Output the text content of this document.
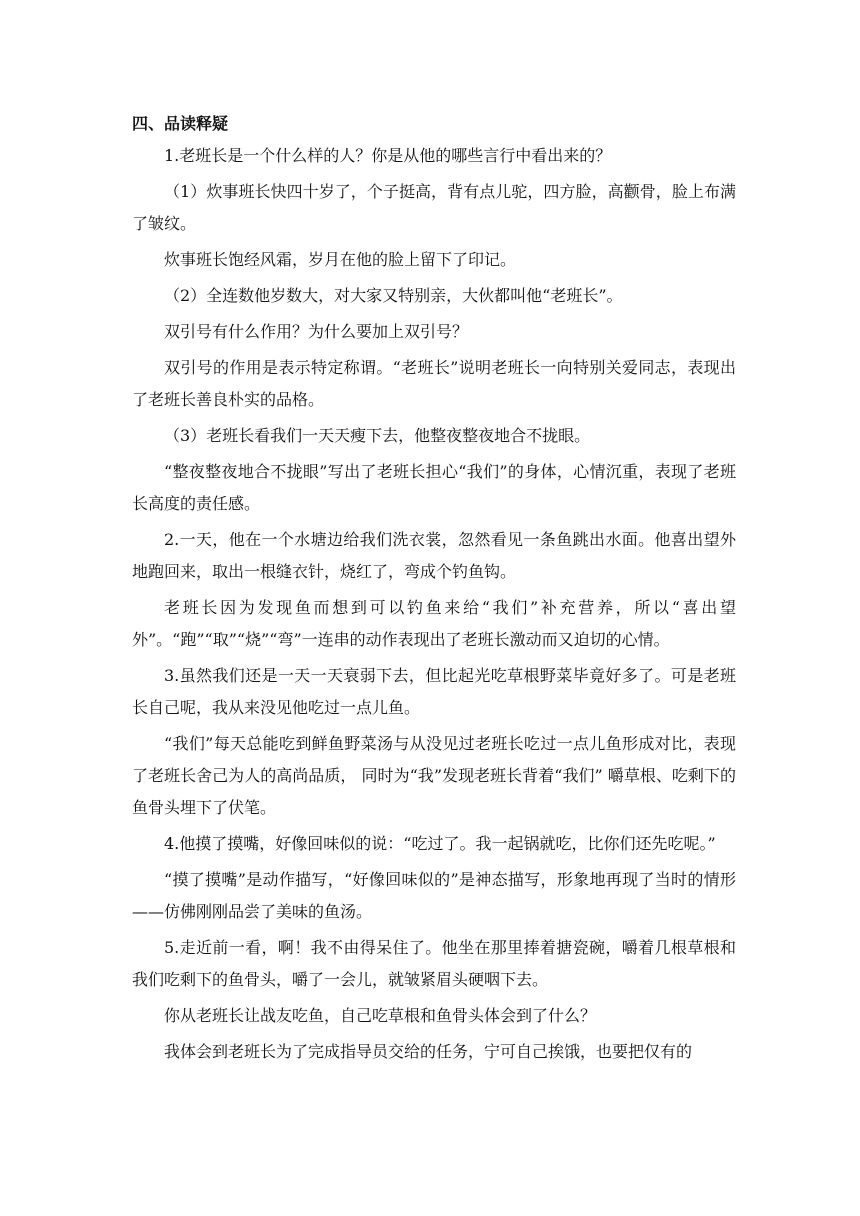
四、品读释疑
1.老班长是一个什么样的人？你是从他的哪些言行中看出来的？
（1）炊事班长快四十岁了，个子挺高，背有点儿驼，四方脸，高颧骨，脸上布满了皱纹。
炊事班长饱经风霜，岁月在他的脸上留下了印记。
（2）全连数他岁数大，对大家又特别亲，大伙都叫他“老班长”。
双引号有什么作用？为什么要加上双引号？
双引号的作用是表示特定称谓。“老班长”说明老班长一向特别关爱同志，表现出了老班长善良朴实的品格。
（3）老班长看我们一天天瘦下去，他整夜整夜地合不拢眼。
“整夜整夜地合不拢眼”写出了老班长担心“我们”的身体，心情沉重，表现了老班长高度的责任感。
2.一天，他在一个水塘边给我们洗衣裳，忽然看见一条鱼跳出水面。他喜出望外地跑回来，取出一根缝衣针，烧红了，弯成个钓鱼钩。
老班长因为发现鱼而想到可以钓鱼来给“我们”补充营养，所以“喜出望外”。“跑”“取”“烧”“弯”一连串的动作表现出了老班长激动而又迫切的心情。
3.虽然我们还是一天一天衰弱下去，但比起光吃草根野菜毕竟好多了。可是老班长自己呢，我从来没见他吃过一点儿鱼。
“我们”每天总能吃到鲜鱼野菜汤与从没见过老班长吃过一点儿鱼形成对比，表现了老班长舍己为人的高尚品质， 同时为“我”发现老班长背着“我们” 嚼草根、吃剩下的鱼骨头埋下了伏笔。
4.他摸了摸嘴，好像回味似的说：“吃过了。我一起锅就吃，比你们还先吃呢。”
“摸了摸嘴”是动作描写，“好像回味似的”是神态描写，形象地再现了当时的情形——仿佛刚刚品尝了美味的鱼汤。
5.走近前一看，啊！我不由得呆住了。他坐在那里捧着搪瓷碗，嚼着几根草根和我们吃剩下的鱼骨头，嚼了一会儿，就皱紧眉头硬咽下去。
你从老班长让战友吃鱼，自己吃草根和鱼骨头体会到了什么？
我体会到老班长为了完成指导员交给的任务，宁可自己挨饿，也要把仅有的
